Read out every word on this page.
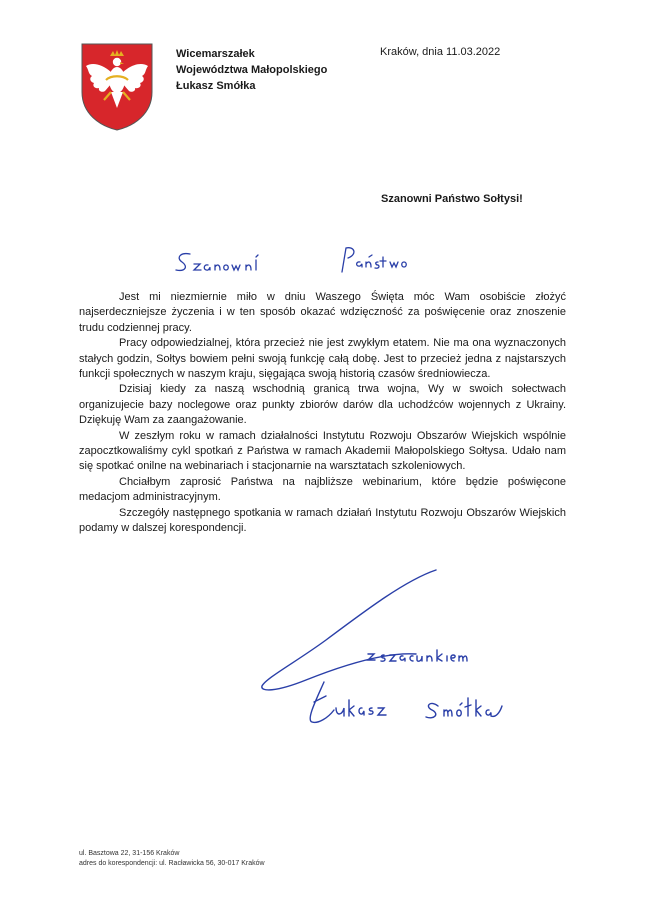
Wicemarszałek
Województwa Małopolskiego
Łukasz Smółka
Kraków, dnia 11.03.2022
Szanowni Państwo Sołtysi!

Jest mi niezmiernie miło w dniu Waszego Święta móc Wam osobiście złożyć najserdeczniejsze życzenia i w ten sposób okazać wdzięczność za poświęcenie oraz znoszenie trudu codziennej pracy.

Pracy odpowiedzialnej, która przecież nie jest zwykłym etatem. Nie ma ona wyznaczonych stałych godzin, Sołtys bowiem pełni swoją funkcję całą dobę. Jest to przecież jedna z najstarszych funkcji społecznych w naszym kraju, sięgająca swoją historią czasów średniowiecza.

Dzisiaj kiedy za naszą wschodnią granicą trwa wojna, Wy w swoich sołectwach organizujecie bazy noclegowe oraz punkty zbiorów darów dla uchodźców wojennych z Ukrainy. Dziękuję Wam za zaangażowanie.

W zeszłym roku w ramach działalności Instytutu Rozwoju Obszarów Wiejskich wspólnie zapocztkowaliśmy cykl spotkań z Państwa w ramach Akademii Małopolskiego Sołtysa. Udało nam się spotkać onilne na webinariach i stacjonarnie na warsztatach szkoleniowych.

Chciałbym zaprosić Państwa na najbliższe webinarium, które będzie poświęcone medacjom administracyjnym.

Szczegóły następnego spotkania w ramach działań Instytutu Rozwoju Obszarów Wiejskich podamy w dalszej korespondencji.

ul. Basztowa 22, 31-156 Kraków
adres do korespondencji: ul. Racławicka 56, 30-017 Kraków
